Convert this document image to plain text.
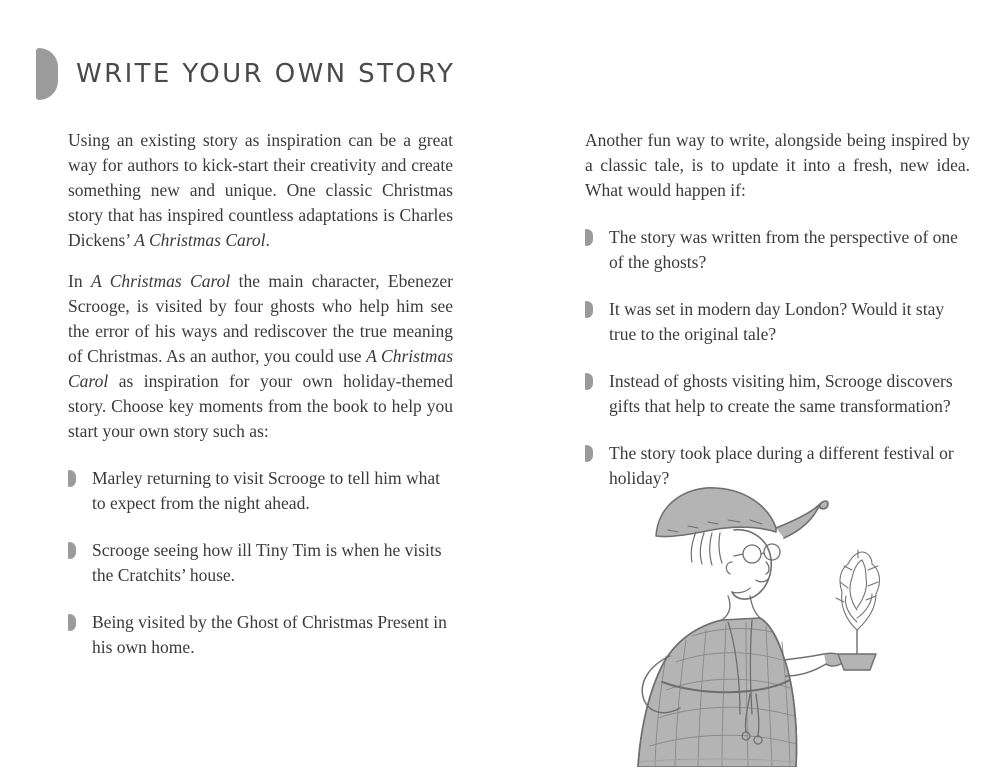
WRITE YOUR OWN STORY

Using an existing story as inspiration can be a great way for authors to kick-start their creativity and create something new and unique. One classic Christmas story that has inspired countless adaptations is Charles Dickens’ A Christmas Carol.

In A Christmas Carol the main character, Ebenezer Scrooge, is visited by four ghosts who help him see the error of his ways and rediscover the true meaning of Christmas. As an author, you could use A Christmas Carol as inspiration for your own holiday-themed story. Choose key moments from the book to help you start your own story such as:

Marley returning to visit Scrooge to tell him what to expect from the night ahead.
Scrooge seeing how ill Tiny Tim is when he visits the Cratchits’ house.
Being visited by the Ghost of Christmas Present in his own home.

Another fun way to write, alongside being inspired by a classic tale, is to update it into a fresh, new idea. What would happen if:

The story was written from the perspective of one of the ghosts?
It was set in modern day London? Would it stay true to the original tale?
Instead of ghosts visiting him, Scrooge discovers gifts that help to create the same transformation?
The story took place during a different festival or holiday?
